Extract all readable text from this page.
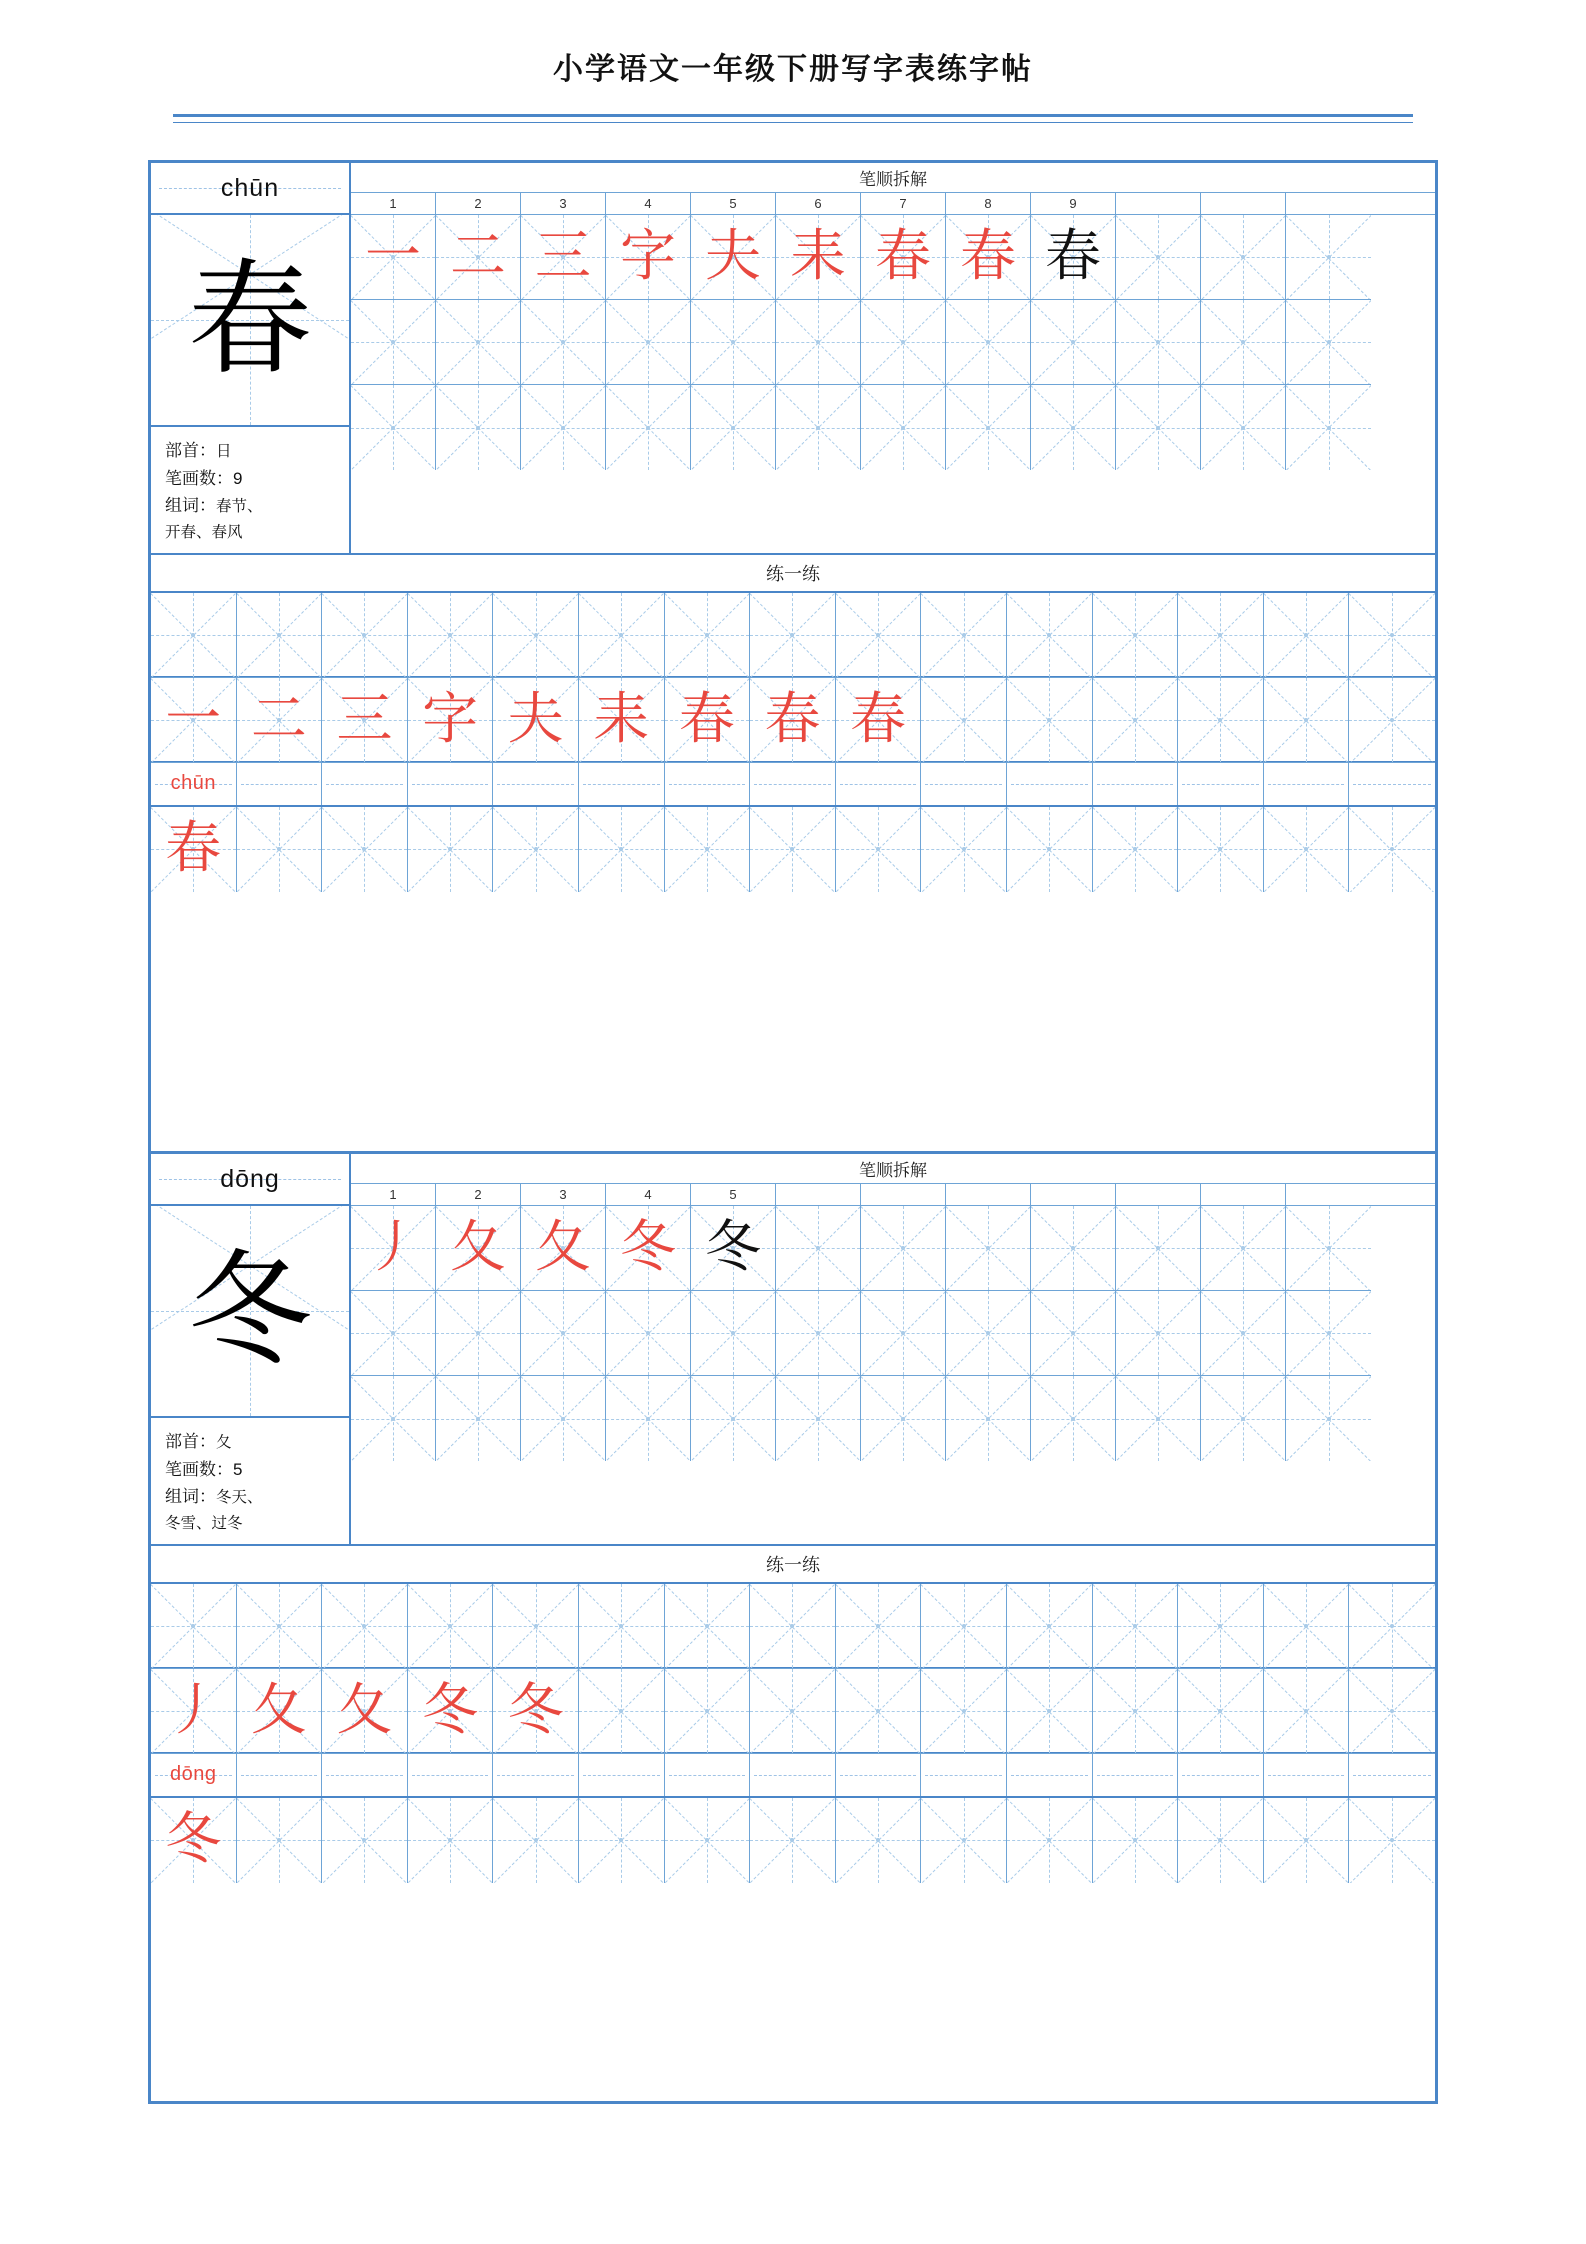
小学语文一年级下册写字表练字帖
chūn
春
部首：日
笔画数：9
组词：春节、
开春、春风
笔顺拆解
1	2	3	4	5	6	7	8	9
一 二 三 字 夫 耒 春 春 春
练一练
一 二 三 字 夫 耒 春 春 春
chūn
春
dōng
冬
部首：夂
笔画数：5
组词：冬天、
冬雪、过冬
笔顺拆解
1	2	3	4	5
丿 夂 夂 冬 冬
练一练
丿 夂 夂 冬 冬
dōng
冬
